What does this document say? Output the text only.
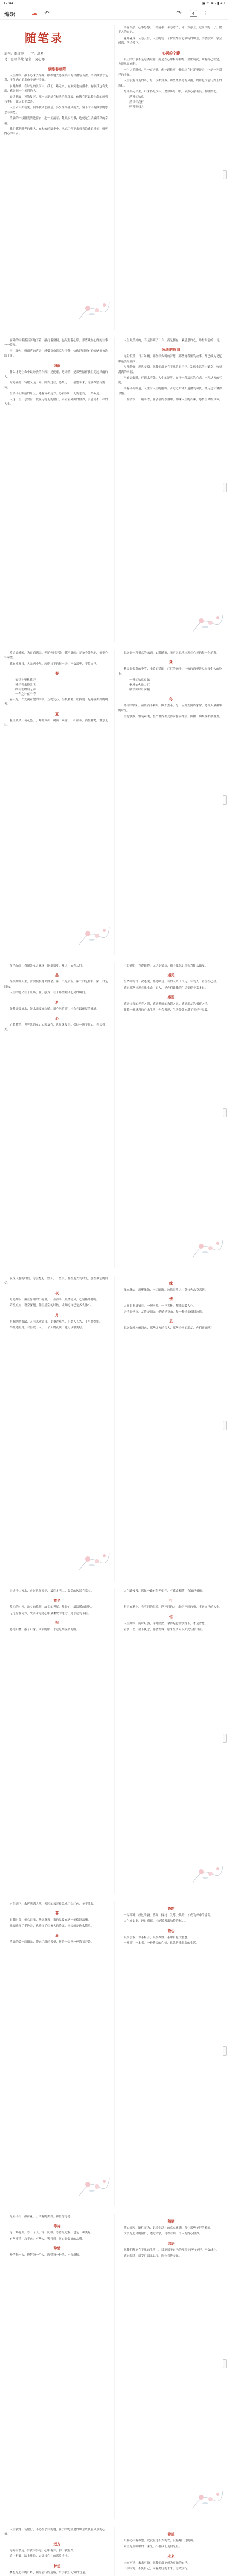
17:44	▣ ⊙ 4G ▮ 40
编辑	☁ ↶	↷	4	⋮
随笔录
原创：李红波　　字：洪罗
号：思君茶缘 笔名：莫心亦
满纸春意浓
人生如茶，静下心来去品味，细细地去感受其中的甘甜与苦涩，平平淡淡才是真，守住内心的那份宁静与美好。
岁月如歌，在时光的长河中，我们一路走来，有欢笑也有泪水，有收获也有失落，感恩每一个相遇的人。
春风拂面，万物复苏，那一抹新绿在枝头悄然绽放，仿佛在诉说着生命的顽强与美好，让人心生欢喜。
人生若只如初见，何事秋风悲画扇。多少往事随风而去，留下的只有淡淡的思念与回忆。
清晨的一缕阳光洒进窗台，泡一壶清茶，翻几页闲书，这便是生活最简单的幸福。
我们都是时光的旅人，在匆匆的脚步中，别忘了停下来看看沿途的风景，听听内心的声音。
茶香袅袅，心事悠悠。一杯清茶，半卷诗书，守一方净土，过简单的日子，做平凡的自己。
花开花落，云卷云舒，人生的每一个阶段都有它独特的风景，学会欣赏，学会感恩，学会放下。
心灵的宁静
真正的宁静不是远离喧嚣，而是在心中修篱种菊。尘世纷扰，唯有内心安定，方能从容前行。
一个人的时候，听一首老歌，想一段往事，任思绪在时光里游走，也是一种别样的美好。
人生没有白走的路，每一步都算数。那些经历过的风雨，终将化作前行路上的彩虹。
愿你出走半生，归来仍是少年；愿你历尽千帆，依然心存善良，温暖如初。
落叶知秋意
清风伴我行
明月照归人
窗外的雨淅淅沥沥地下着，敲打着窗棂，也敲打着心扉，那些藏在心底的往事一一浮现。
雨中漫步，听雨落的声音，感受那份清凉与宁静，仿佛世间所有的烦恼都被洗涤干净。
细雨
什么才是生命中最珍贵的东西？是健康，是亲情，是那些陪伴我们走过风雨的人。
时光荏苒，转眼又是一年。回首过往，感慨万千；展望未来，充满希望与期待。
生活不止眼前的苟且，还有诗和远方。心若向阳，无畏悲伤，一路芬芳。
人这一生，总要有一段说走就走的旅行，去看看外面的世界，去感受不一样的人生。
人生最美好的，不是得到了什么，而是拥有一颗感恩的心，珍惜眼前的一切。
光阴的故事
光阴似箭，日月如梭。那些年少时的梦想，那些青春里的故事，都已成为记忆中最美的画面。
岁月静好，现世安稳。愿我们都能在平凡的日子里，发现生活的小确幸，收获满满的幸福。
坐看云起时，行到水穷处。人生的境界，在于一种淡然的心态，一种从容的气度。
茶有茶的味道，人生有人生的滋味。苦过之后才知道甜的可贵，经历过才懂得珍惜。
一盏清茶，一缕茶香，在袅袅的茶烟中，品味人生的百味，感悟生命的真谛。
莫道桑榆晚，为霞尚满天。无论何时开始，都不算晚；无论身处何地，都要心怀希望。
花有重开日，人无再少年。珍惜当下的每一天，不负韶华，不负自己。
春
春风十里桃花开
燕子归来绕梁飞
细雨润物细无声
一年之计在于春
春天是一个充满希望的季节，万物复苏，生机勃勃，让我们一起迎接美好的明天。
夏
夏日炎炎，荷花盛开，蝉鸣声声，树荫下乘凉，一杯凉茶，消暑解渴，惬意无比。
思念是一种很玄的东西，如影随形，无声无息地出现在心灵的每一个角落。
秋
秋天是收获的季节，金黄的稻田，红红的枫叶，丰收的喜悦洋溢在每个人的脸上。
一叶知秋意更浓
枫叶如火映山红
雁字回时月满楼
冬
冬日的暖阳，温暖而不刺眼。围炉煮茶，与三五好友闲话家常，是冬天最温馨的时光。
雪花飘飘，银装素裹，整个世界都变得安静而纯洁，仿佛一切烦恼都被覆盖。
静坐品茶，看窗外花开花落；闲庭信步，观天上云卷云舒。
品
品茶如品人生，需要慢慢地去体会。第一口是苦涩，第二口是甘甜，第三口是回味。
人生的意义在于经历，在于感受，在于那些触动心灵的瞬间。
茗
好茶需要好水，好水需要好心情。用心泡的茶，才会有最醇厚的味道。
心
心若简单，世界就简单；心若复杂，世界就复杂。保持一颗平常心，看淡得失。
不忘初心，方得始终。无论走多远，都不要忘记当初为什么出发。
遇见
生命中的每一次遇见，都是缘分。有的人来了又走，有的人一直留在心里。
感谢那些出现在我生命中的人，是你们让我的生活变得丰富多彩。
感恩
感恩父母的养育之恩，感恩老师的教诲之恩，感恩朋友的相伴之情。
怀着一颗感恩的心去生活，你会发现，生活处处充满了美好与温暖。
夜深人静的时候，总会想起一些人，一些事，那些逝去的时光，那些难忘的回忆。
夜
月光如水，洒在静谧的小院里，一壶清茶，几缕清风，心情格外舒畅。
繁星点点，夜空深邃，仰望星空的时候，才知道自己是多么渺小。
月
月有阴晴圆缺，人有悲欢离合。此事古难全，但愿人长久，千里共婵娟。
举杯邀明月，对影成三人。一个人的夜晚，也可以很美好。
缘
缘来缘去，缘聚缘散，一切随缘。珍惜眼前人，莫待失去空悲切。
情
人间自有真情在，一句问候，一声关怀，都能温暖人心。
亲情是港湾，友情是阳光，爱情是花朵，每一种情都值得珍惜。
思
思念如潮水般涌来，那些远方的亲人，那些分别的朋友，你们还好吗？
走过千山万水，看过世间繁华，最终才明白，最美的风景在家乡。
故乡
故乡的小河，故乡的炊烟，故乡的老屋，都是心中最温暖的记忆。
无论身在何方，故乡永远是心中最柔软的地方，是永远的牵挂。
归
倦鸟归林，游子归家。回家的路，永远是最温暖的路。
人生路漫漫，愿你一路有阳光相伴，有花香相随，有知己相依。
行
行走在路上，看不同的风景，遇不同的人，经历不同的事，丰富自己的人生。
悟
人生如茶，沉时坦然，浮时淡然。拿得起也需放得下，才是智慧。
看淡一切，放下执念，你会发现，原来生活可以如此轻松自在。
夕阳西下，余晖洒满大地，天边的云彩被染成了金红色，美不胜收。
暮
日暮时分，倦鸟归巢，炊烟袅袅，家的温暖在这一刻格外清晰。
晚霞映红了半边天，也映红了归家人的脸庞，幸福就是这么简单。
晨
清晨的第一缕阳光，带来了新的希望，新的一天从一杯清茶开始。
茶韵
一片茶叶，经过采摘、萎凋、揉捻、发酵、烘焙，才成为杯中的香茗。
人生亦如此，经过磨砺，才能散发出独特的魅力。
茶心
以茶会友，以茶修身，以茶养性，茶中自有大智慧。
一杯茶，一本书，一份恬淡的心情，这就是我想要的生活。
光阴不语，静待花开。所有的美好，都值得等待。
等待
等一场花开，等一个人，等一份缘。等待的过程，也是一种美好。
有些事情，急不来；有些人，等得到。耐心是最好的品质。
珍惜
珍惜每一天，珍惜每一个人，珍惜每一份情，不留遗憾。
随笔
随心而写，随性而为，记录生活中的点点滴滴，留住那些美好的瞬间。
文字是心灵的窗口，透过文字，可以看到一个人的内心世界。
结语
愿我们都能在平凡的生活中，找到属于自己的那份宁静与美好，不负此生。
感谢阅读，愿岁月温柔以待，愿你我皆安好。
人生就像一场旅行，不必在乎目的地，在乎的是沿途的风景以及看风景的心情。
远方
远方有多远，梦就有多远。心中有梦，脚下就有路。
背上行囊，踏上旅途，去寻找心中的那片净土。
梦想
梦想是心中的灯塔，照亮前行的道路，给予我们无穷的力量。
希望
只要心中有希望，就没有过不去的坎，没有翻不过的山。
希望是黑暗中的一束光，指引我们走向光明。
未来
未来可期，未来可盼。愿我们都能成为更好的自己。
不负时光，不负自己，向着美好的未来，勇敢前行。
